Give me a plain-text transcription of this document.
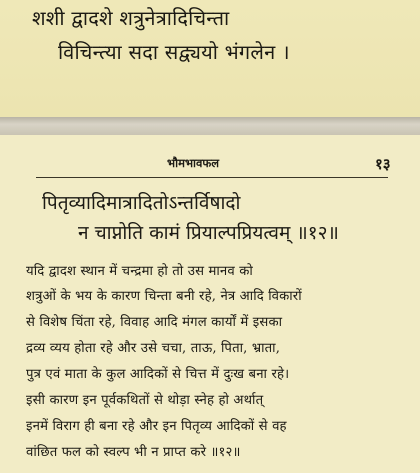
शशी द्वादशे शत्रुनेत्रादिचिन्ता
विचिन्त्या सदा सद्व्ययो भंगलेन ।
भौमभावफल	१३
पितृव्यादिमात्रादितोऽन्तर्विषादो
न चाप्नोति कामं प्रियाल्पप्रियत्वम् ॥१२॥
यदि द्वादश स्थान में चन्द्रमा हो तो उस मानव को
शत्रुओं के भय के कारण चिन्ता बनी रहे, नेत्र आदि विकारों
से विशेष चिंता रहे, विवाह आदि मंगल कार्यों में इसका
द्रव्य व्यय होता रहे और उसे चचा, ताऊ, पिता, भ्राता,
पुत्र एवं माता के कुल आदिकों से चित्त में दुःख बना रहे।
इसी कारण इन पूर्वकथितों से थोड़ा स्नेह हो अर्थात्
इनमें विराग ही बना रहे और इन पितृव्य आदिकों से वह
वांछित फल को स्वल्प भी न प्राप्त करे ॥१२॥
